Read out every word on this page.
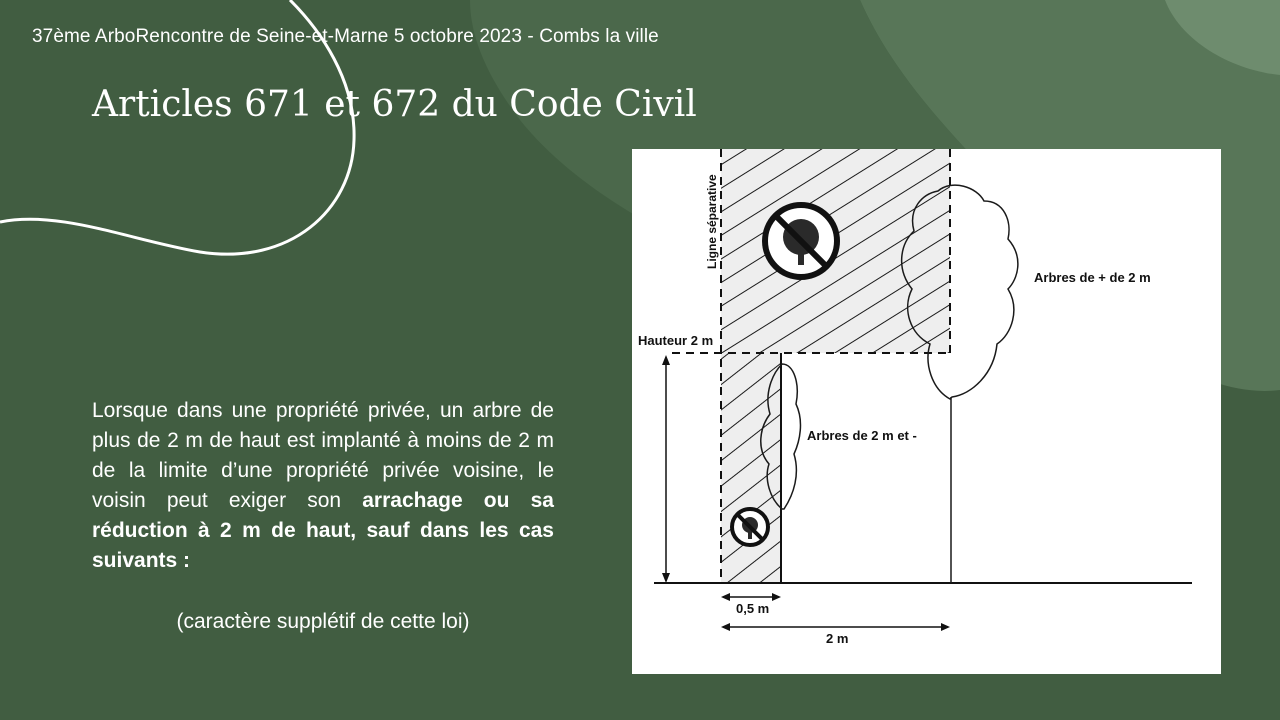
37ème ArboRencontre de Seine-et-Marne 5 octobre 2023 - Combs la ville
Articles 671 et 672 du Code Civil
Lorsque dans une propriété privée, un arbre de plus de 2 m de haut est implanté à moins de 2 m de la limite d’une propriété privée voisine, le voisin peut exiger son arrachage ou sa réduction à 2 m de haut, sauf dans les cas suivants :
(caractère supplétif de cette loi)
Ligne séparative
Hauteur 2 m
Arbres de + de 2 m
Arbres de 2 m et -
0,5 m
2 m
